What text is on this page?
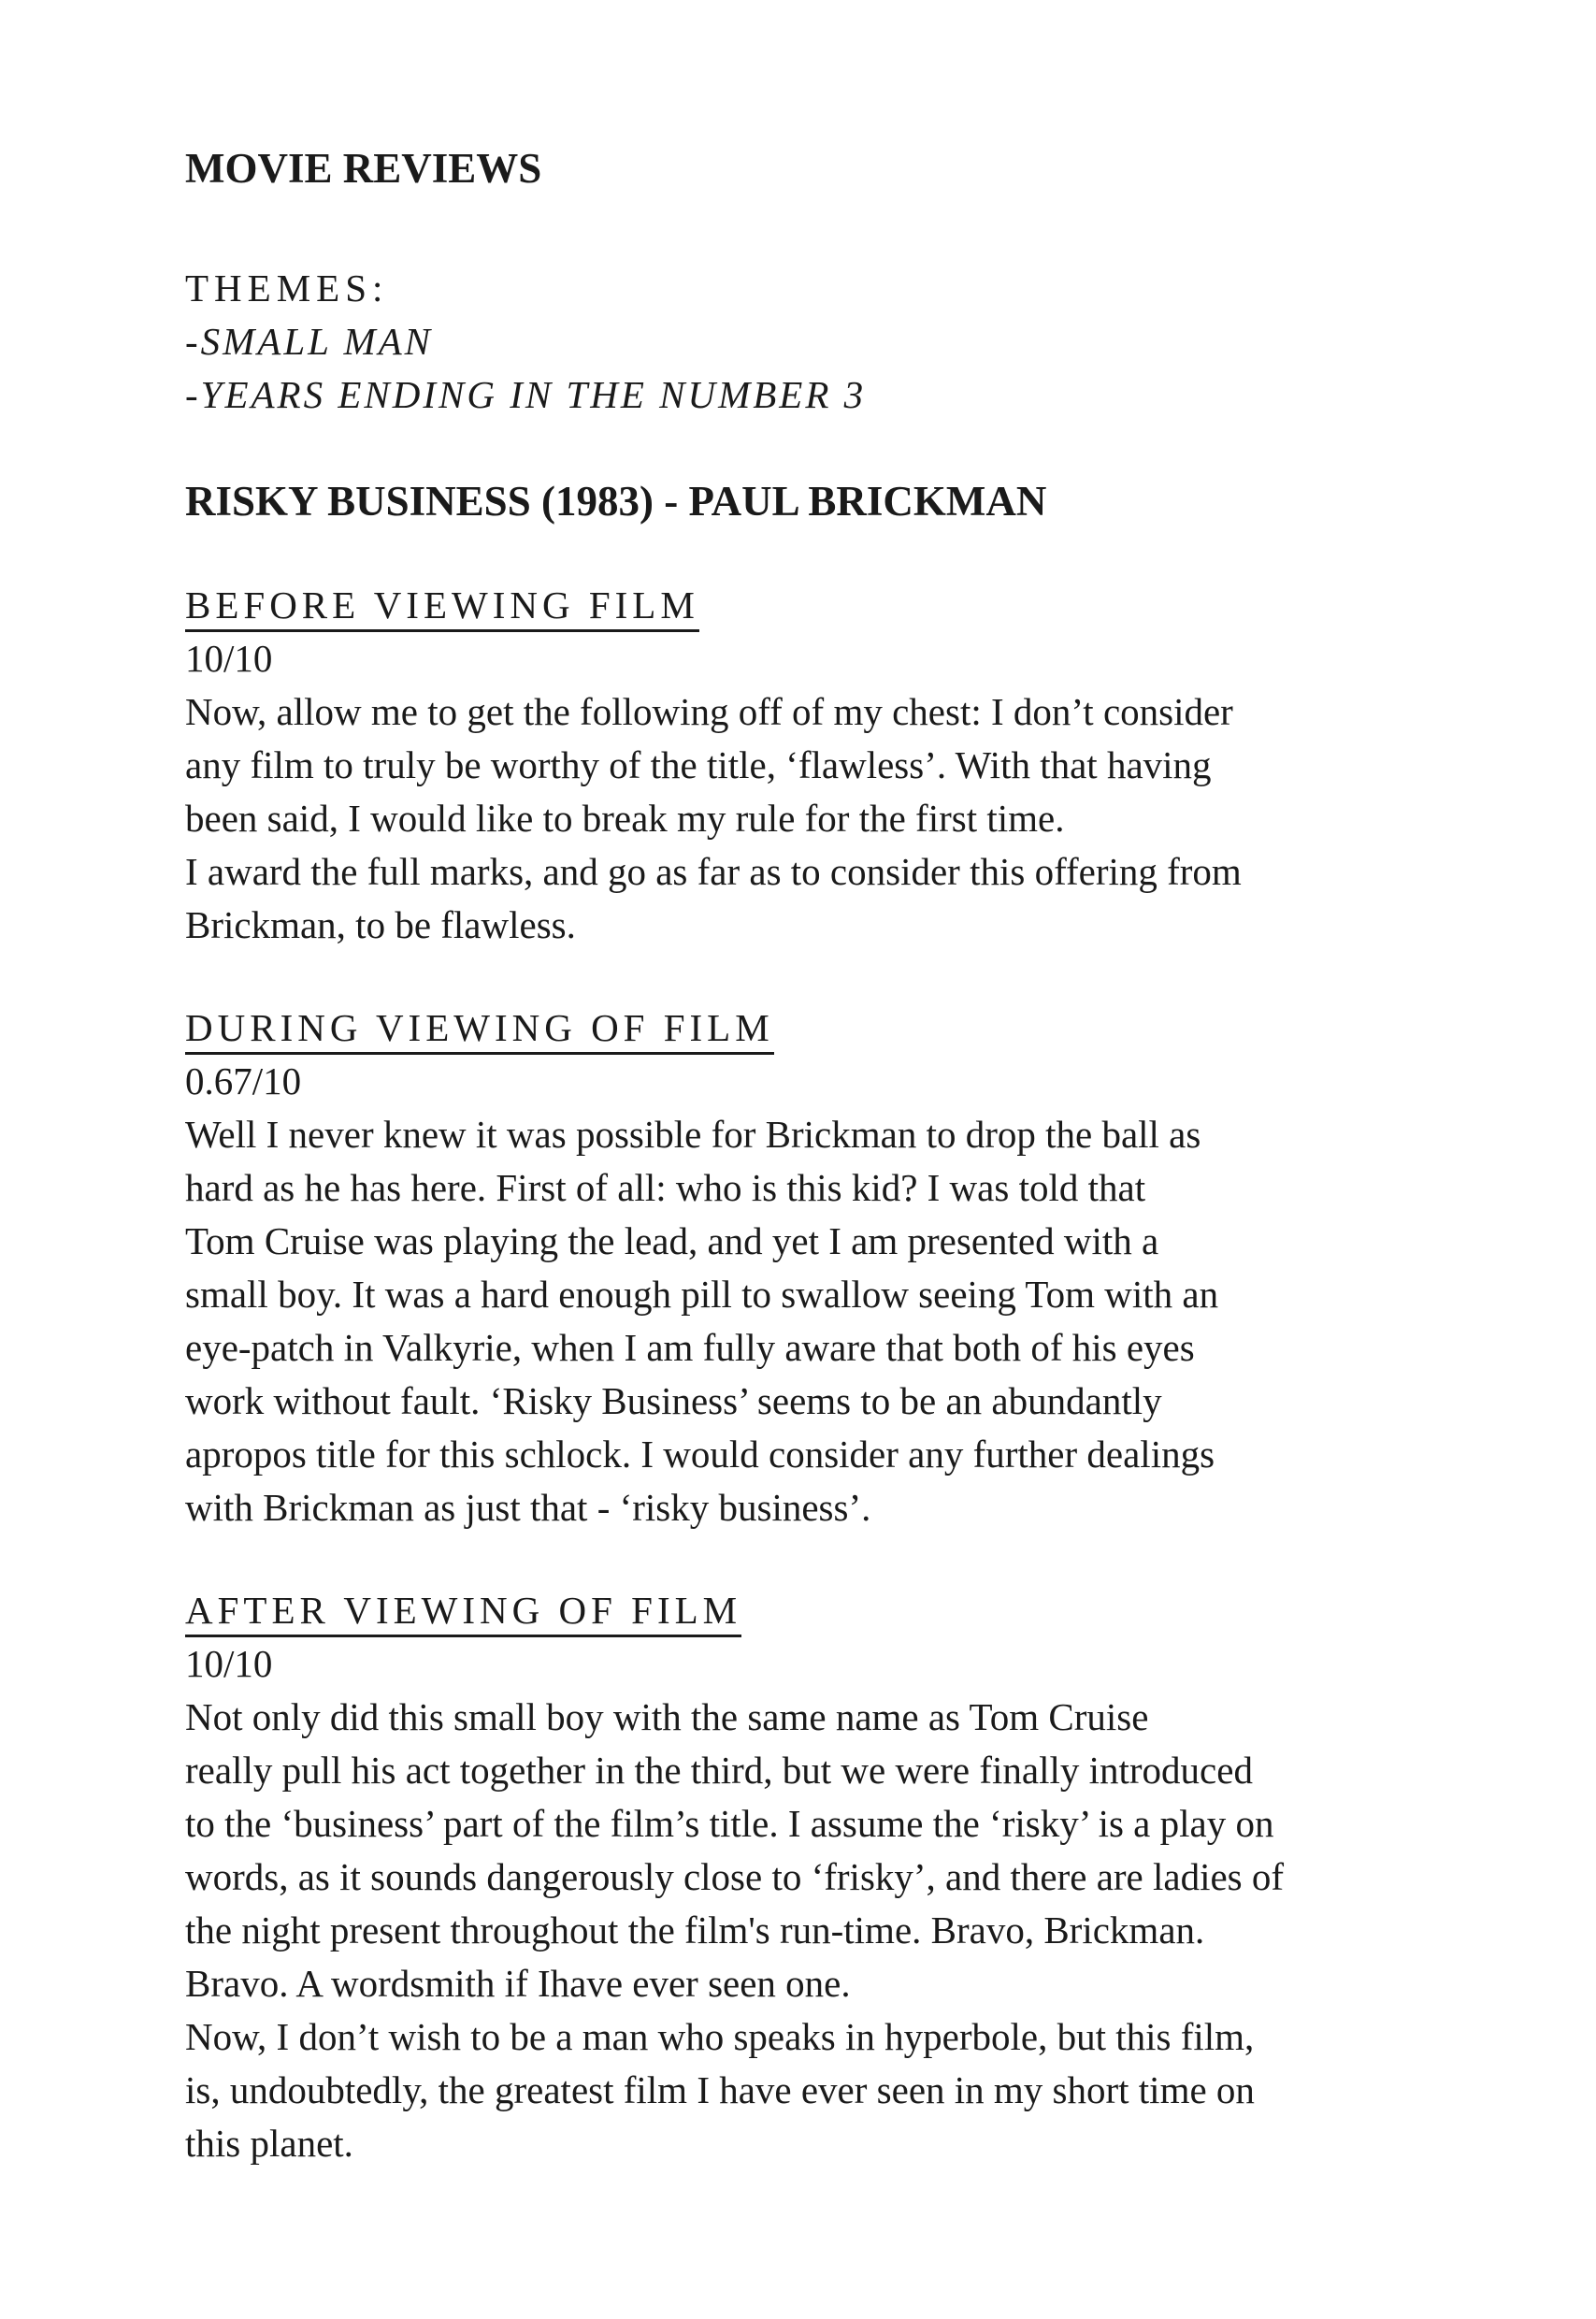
MOVIE REVIEWS
THEMES:
-SMALL MAN
-YEARS ENDING IN THE NUMBER 3
RISKY BUSINESS (1983) - PAUL BRICKMAN
BEFORE VIEWING FILM
10/10

Now, allow me to get the following off of my chest: I don’t consider
any film to truly be worthy of the title, ‘flawless’. With that having
been said, I would like to break my rule for the first time.

I award the full marks, and go as far as to consider this offering from
Brickman, to be flawless.

DURING VIEWING OF FILM
0.67/10

Well I never knew it was possible for Brickman to drop the ball as
hard as he has here. First of all: who is this kid? I was told that
Tom Cruise was playing the lead, and yet I am presented with a
small boy. It was a hard enough pill to swallow seeing Tom with an
eye-patch in Valkyrie, when I am fully aware that both of his eyes
work without fault. ‘Risky Business’ seems to be an abundantly
apropos title for this schlock. I would consider any further dealings
with Brickman as just that - ‘risky business’.

AFTER VIEWING OF FILM
10/10

Not only did this small boy with the same name as Tom Cruise
really pull his act together in the third, but we were finally introduced
to the ‘business’ part of the film’s title. I assume the ‘risky’ is a play on
words, as it sounds dangerously close to ‘frisky’, and there are ladies of
the night present throughout the film's run-time. Bravo, Brickman.
Bravo. A wordsmith if Ihave ever seen one.

Now, I don’t wish to be a man who speaks in hyperbole, but this film,
is, undoubtedly, the greatest film I have ever seen in my short time on
this planet.
